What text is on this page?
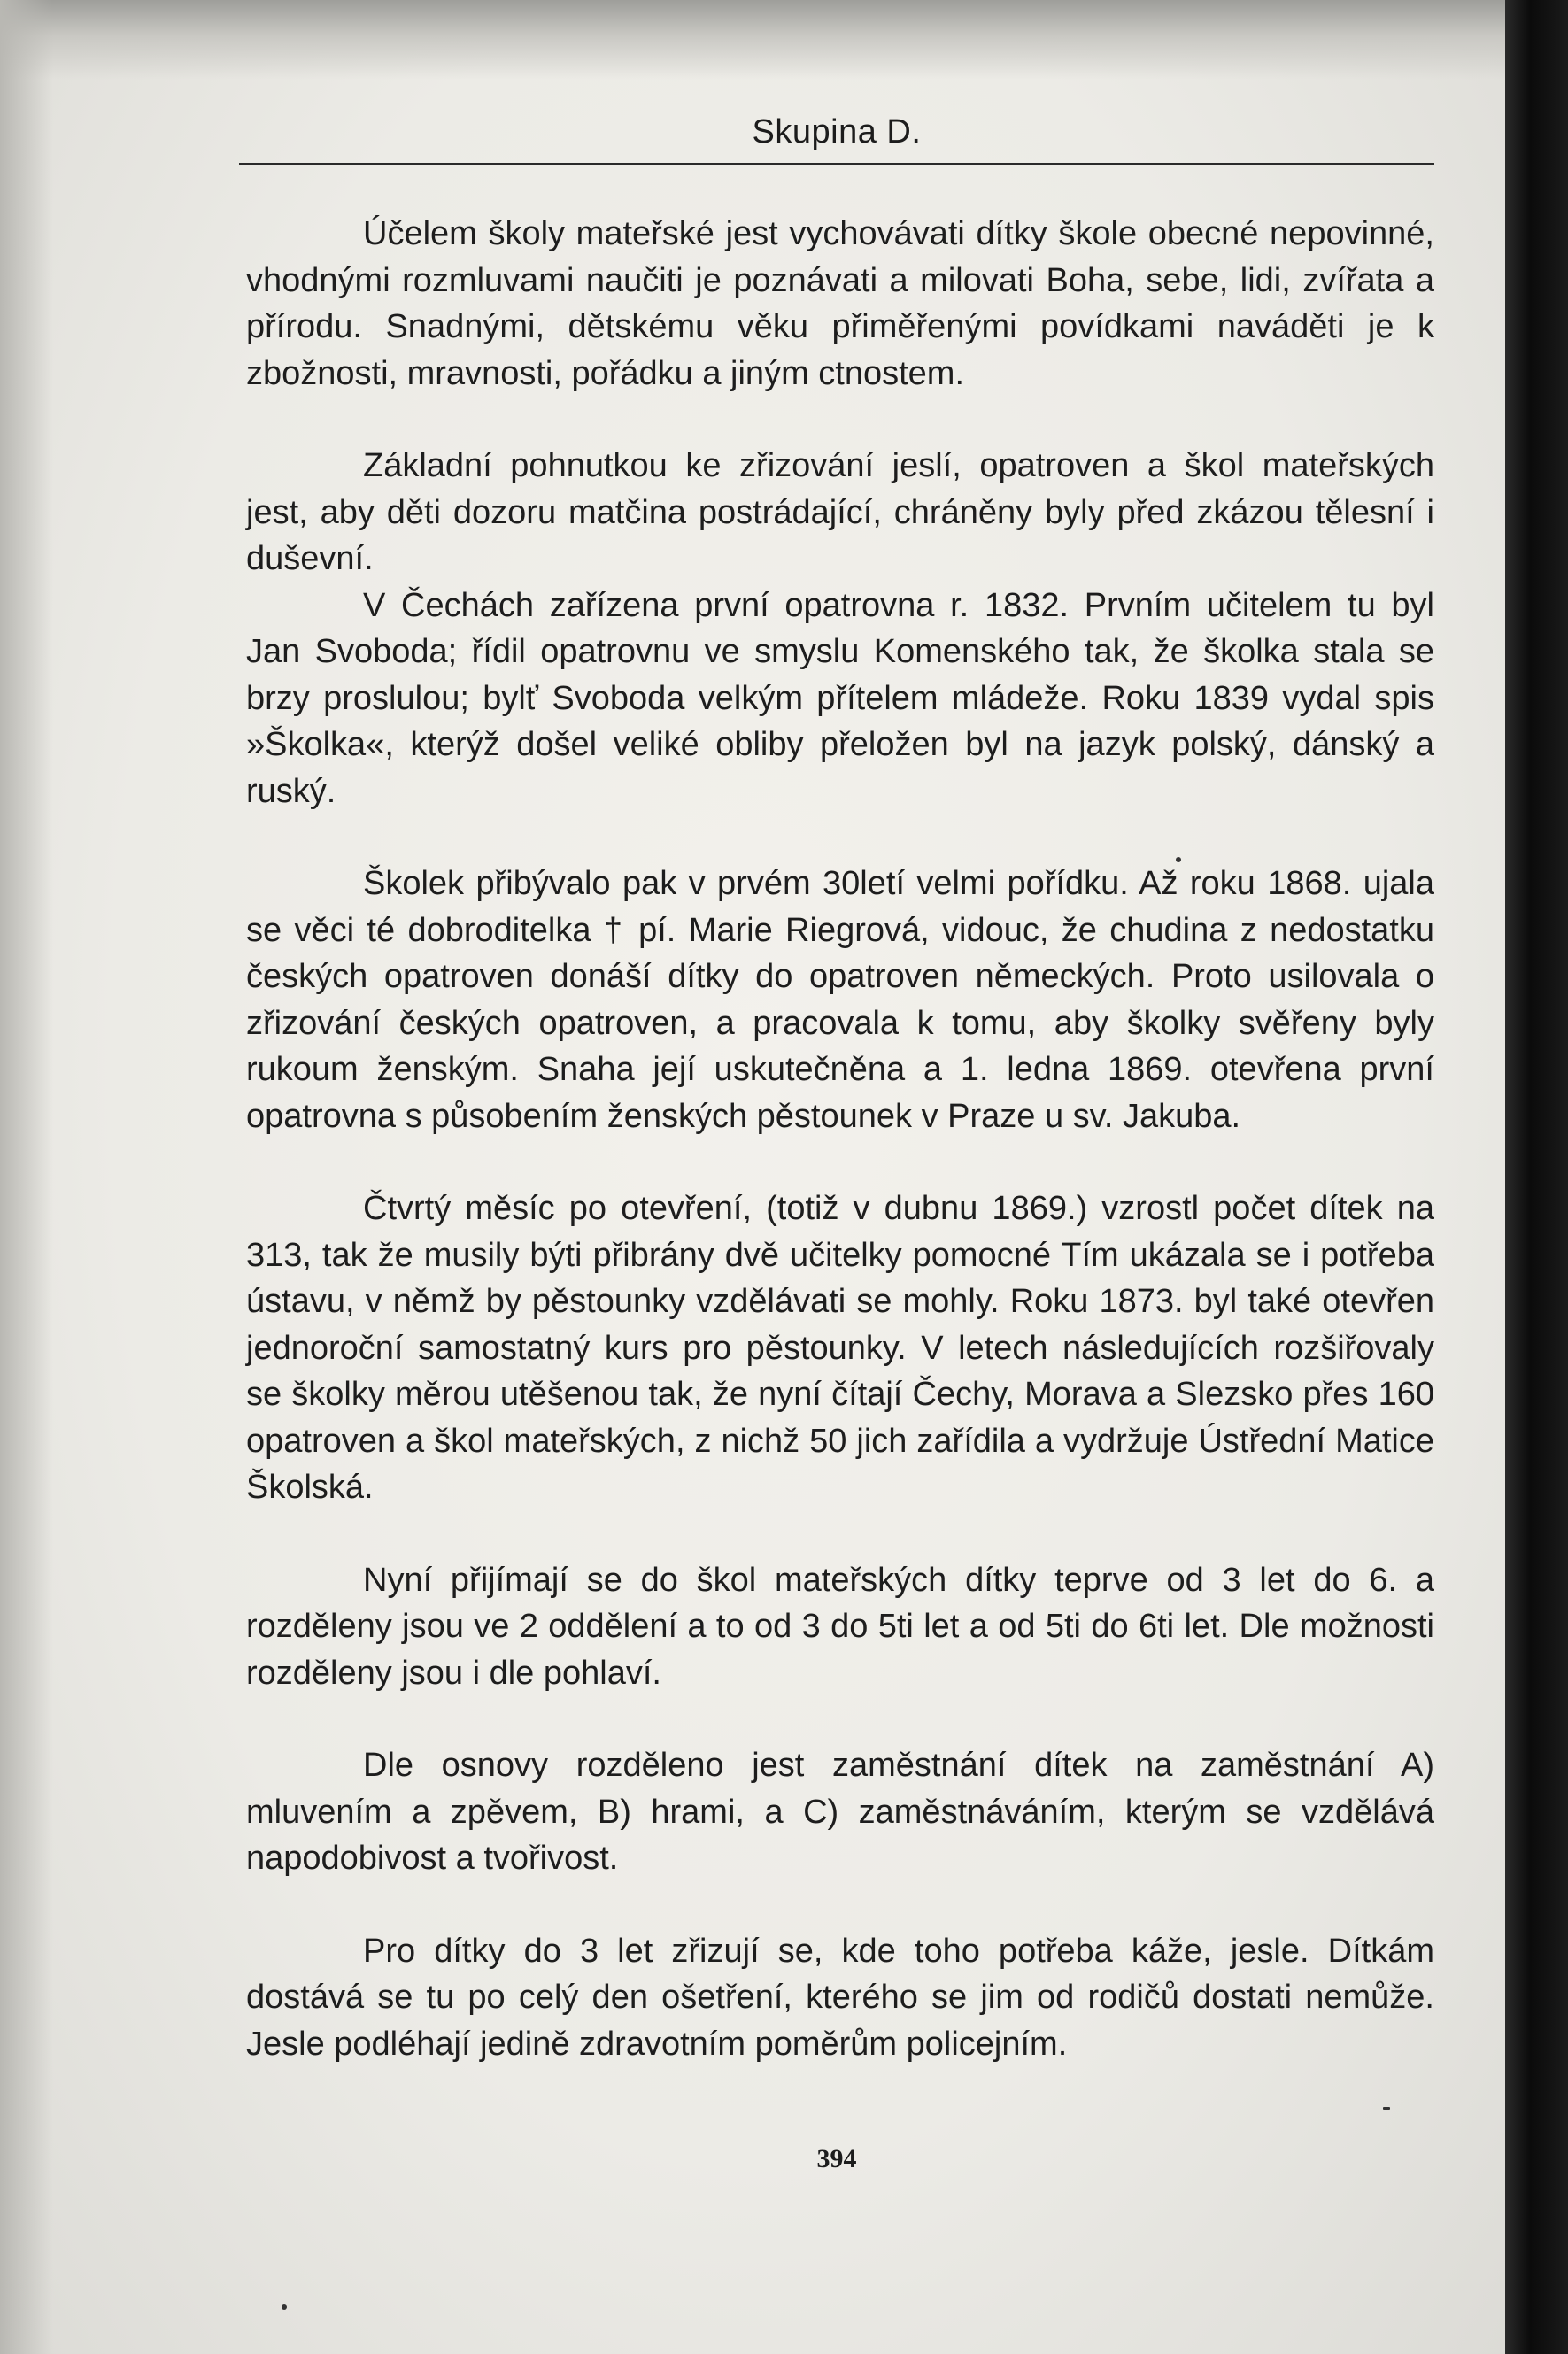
Skupina D.

Účelem školy mateřské jest vychovávati dítky škole obecné nepovinné, vhodnými rozmluvami naučiti je poznávati a milovati Boha, sebe, lidi, zvířata a přírodu. Snadnými, dětskému věku přiměřenými povídkami naváděti je k zbožnosti, mravnosti, pořádku a jiným ctnostem.

Základní pohnutkou ke zřizování jeslí, opatroven a škol mateřských jest, aby děti dozoru matčina postrádající, chráněny byly před zkázou tělesní i duševní.

V Čechách zařízena první opatrovna r. 1832. Prvním učitelem tu byl Jan Svoboda; řídil opatrovnu ve smyslu Komenského tak, že školka stala se brzy proslulou; bylť Svoboda velkým přítelem mládeže. Roku 1839 vydal spis »Školka«, kterýž došel veliké obliby přeložen byl na jazyk polský, dánský a ruský.

Školek přibývalo pak v prvém 30letí velmi pořídku. Až roku 1868. ujala se věci té dobroditelka † pí. Marie Riegrová, vidouc, že chudina z nedostatku českých opatroven donáší dítky do opatroven německých. Proto usilovala o zřizování českých opatroven, a pracovala k tomu, aby školky svěřeny byly rukoum ženským. Snaha její uskutečněna a 1. ledna 1869. otevřena první opatrovna s působením ženských pěstounek v Praze u sv. Jakuba.

Čtvrtý měsíc po otevření, (totiž v dubnu 1869.) vzrostl počet dítek na 313, tak že musily býti přibrány dvě učitelky pomocné Tím ukázala se i potřeba ústavu, v němž by pěstounky vzdělávati se mohly. Roku 1873. byl také otevřen jednoroční samostatný kurs pro pěstounky. V letech následujících rozšiřovaly se školky měrou utěšenou tak, že nyní čítají Čechy, Morava a Slezsko přes 160 opatroven a škol mateřských, z nichž 50 jich zařídila a vydržuje Ústřední Matice Školská.

Nyní přijímají se do škol mateřských dítky teprve od 3 let do 6. a rozděleny jsou ve 2 oddělení a to od 3 do 5ti let a od 5ti do 6ti let. Dle možnosti rozděleny jsou i dle pohlaví.

Dle osnovy rozděleno jest zaměstnání dítek na zaměstnání A) mluvením a zpěvem, B) hrami, a C) zaměstnáváním, kterým se vzdělává napodobivost a tvořivost.

Pro dítky do 3 let zřizují se, kde toho potřeba káže, jesle. Dítkám dostává se tu po celý den ošetření, kterého se jim od rodičů dostati nemůže. Jesle podléhají jedině zdravotním poměrům policejním.

394
